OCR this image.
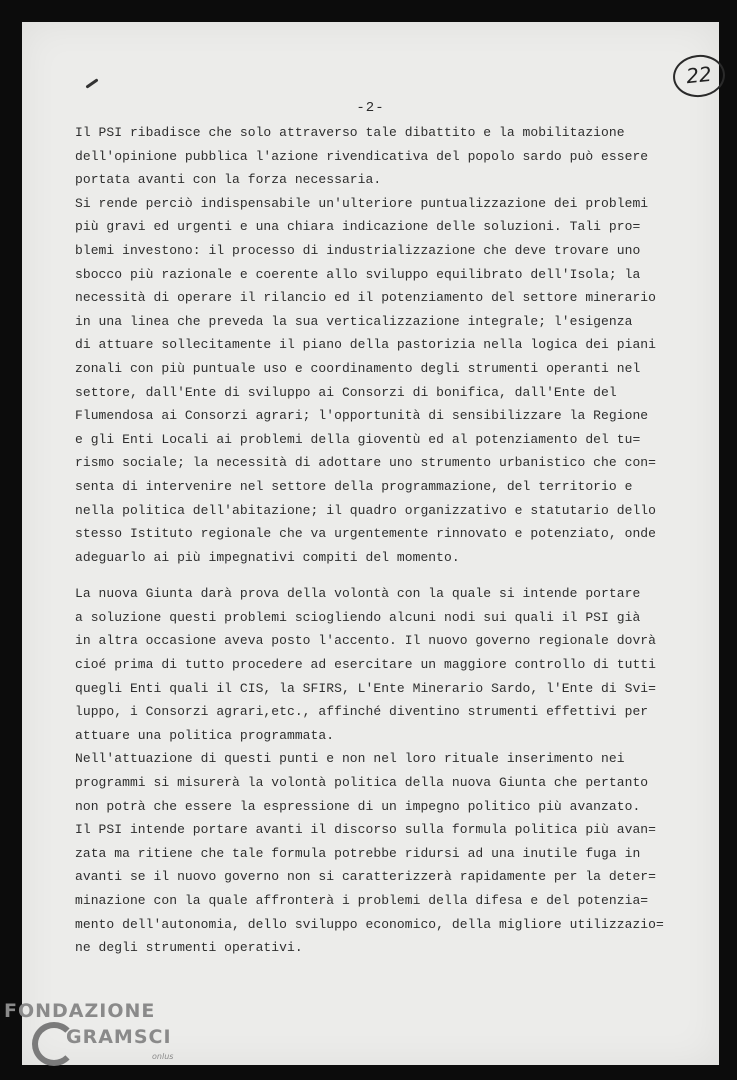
22
-2-
Il PSI ribadisce che solo attraverso tale dibattito e la mobilitazione
dell'opinione pubblica l'azione rivendicativa del popolo sardo può essere
portata avanti con la forza necessaria.
Si rende perciò indispensabile un'ulteriore puntualizzazione dei problemi
più gravi ed urgenti e una chiara indicazione delle soluzioni. Tali pro=
blemi investono: il processo di industrializzazione che deve trovare uno
sbocco più razionale e coerente allo sviluppo equilibrato dell'Isola; la
necessità di operare il rilancio ed il potenziamento del settore minerario
in una linea che preveda la sua verticalizzazione integrale; l'esigenza
di attuare sollecitamente il piano della pastorizia nella logica dei piani
zonali con più puntuale uso e coordinamento degli strumenti operanti nel
settore, dall'Ente di sviluppo ai Consorzi di bonifica, dall'Ente del
Flumendosa ai Consorzi agrari; l'opportunità di sensibilizzare la Regione
e gli Enti Locali ai problemi della gioventù ed al potenziamento del tu=
rismo sociale; la necessità di adottare uno strumento urbanistico che con=
senta di intervenire nel settore della programmazione, del territorio e
nella politica dell'abitazione; il quadro organizzativo e statutario dello
stesso Istituto regionale che va urgentemente rinnovato e potenziato, onde
adeguarlo ai più impegnativi compiti del momento.
La nuova Giunta darà prova della volontà con la quale si intende portare
a soluzione questi problemi sciogliendo alcuni nodi sui quali il PSI già
in altra occasione aveva posto l'accento. Il nuovo governo regionale dovrà
cioé prima di tutto procedere ad esercitare un maggiore controllo di tutti
quegli Enti quali il CIS, la SFIRS, L'Ente Minerario Sardo, l'Ente di Svi=
luppo, i Consorzi agrari,etc., affinché diventino strumenti effettivi per
attuare una politica programmata.
Nell'attuazione di questi punti e non nel loro rituale inserimento nei
programmi si misurerà la volontà politica della nuova Giunta che pertanto
non potrà che essere la espressione di un impegno politico più avanzato.
Il PSI intende portare avanti il discorso sulla formula politica più avan=
zata ma ritiene che tale formula potrebbe ridursi ad una inutile fuga in
avanti se il nuovo governo non si caratterizzerà rapidamente per la deter=
minazione con la quale affronterà i problemi della difesa e del potenzia=
mento dell'autonomia, dello sviluppo economico, della migliore utilizzazio=
ne degli strumenti operativi.
FONDAZIONE
GRAMSCI
onlus
